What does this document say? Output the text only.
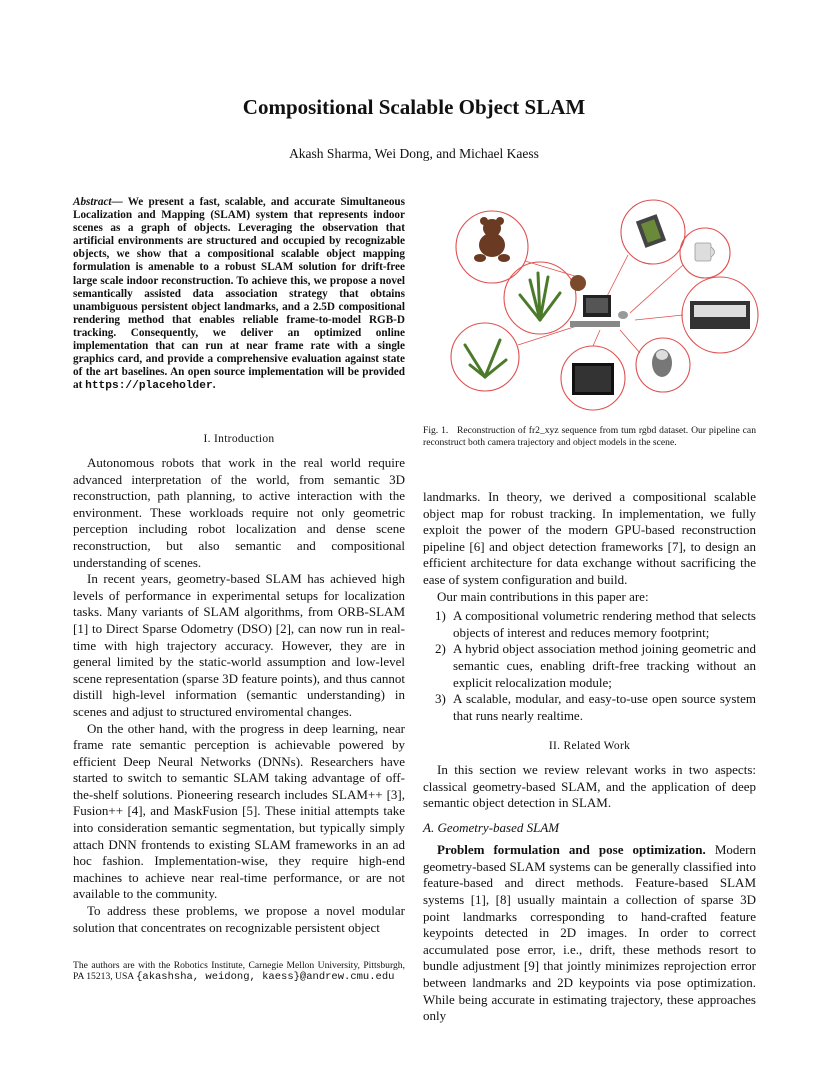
Compositional Scalable Object SLAM
Akash Sharma, Wei Dong, and Michael Kaess
Abstract— We present a fast, scalable, and accurate Simultaneous Localization and Mapping (SLAM) system that represents indoor scenes as a graph of objects. Leveraging the observation that artificial environments are structured and occupied by recognizable objects, we show that a compositional scalable object mapping formulation is amenable to a robust SLAM solution for drift-free large scale indoor reconstruction. To achieve this, we propose a novel semantically assisted data association strategy that obtains unambiguous persistent object landmarks, and a 2.5D compositional rendering method that enables reliable frame-to-model RGB-D tracking. Consequently, we deliver an optimized online implementation that can run at near frame rate with a single graphics card, and provide a comprehensive evaluation against state of the art baselines. An open source implementation will be provided at https://placeholder.
I. Introduction

Autonomous robots that work in the real world require advanced interpretation of the world, from semantic 3D reconstruction, path planning, to active interaction with the environment. These workloads require not only geometric perception including robot localization and dense scene reconstruction, but also semantic and compositional understanding of scenes.

In recent years, geometry-based SLAM has achieved high levels of performance in experimental setups for localization tasks. Many variants of SLAM algorithms, from ORB-SLAM [1] to Direct Sparse Odometry (DSO) [2], can now run in real-time with high trajectory accuracy. However, they are in general limited by the static-world assumption and low-level scene representation (sparse 3D feature points), and thus cannot distill high-level information (semantic understanding) in scenes and adjust to structured enviromental changes.

On the other hand, with the progress in deep learning, near frame rate semantic perception is achievable powered by efficient Deep Neural Networks (DNNs). Researchers have started to switch to semantic SLAM taking advantage of off-the-shelf solutions. Pioneering research includes SLAM++ [3], Fusion++ [4], and MaskFusion [5]. These initial attempts take into consideration semantic segmentation, but typically simply attach DNN frontends to existing SLAM frameworks in an ad hoc fashion. Implementation-wise, they require high-end machines to achieve near real-time performance, or are not available to the community.

To address these problems, we propose a novel modular solution that concentrates on recognizable persistent object

The authors are with the Robotics Institute, Carnegie Mellon University, Pittsburgh, PA 15213, USA {akashsha, weidong, kaess}@andrew.cmu.edu
Fig. 1. Reconstruction of fr2_xyz sequence from tum rgbd dataset. Our pipeline can reconstruct both camera trajectory and object models in the scene.

landmarks. In theory, we derived a compositional scalable object map for robust tracking. In implementation, we fully exploit the power of the modern GPU-based reconstruction pipeline [6] and object detection frameworks [7], to design an efficient architecture for data exchange without sacrificing the ease of system configuration and build.

Our main contributions in this paper are:

1) A compositional volumetric rendering method that selects objects of interest and reduces memory footprint;
2) A hybrid object association method joining geometric and semantic cues, enabling drift-free tracking without an explicit relocalization module;
3) A scalable, modular, and easy-to-use open source system that runs nearly realtime.
II. Related Work

In this section we review relevant works in two aspects: classical geometry-based SLAM, and the application of deep semantic object detection in SLAM.

A. Geometry-based SLAM

Problem formulation and pose optimization. Modern geometry-based SLAM systems can be generally classified into feature-based and direct methods. Feature-based SLAM systems [1], [8] usually maintain a collection of sparse 3D point landmarks corresponding to hand-crafted feature keypoints detected in 2D images. In order to correct accumulated pose error, i.e., drift, these methods resort to bundle adjustment [9] that jointly minimizes reprojection error between landmarks and 2D keypoints via pose optimization. While being accurate in estimating trajectory, these approaches only
